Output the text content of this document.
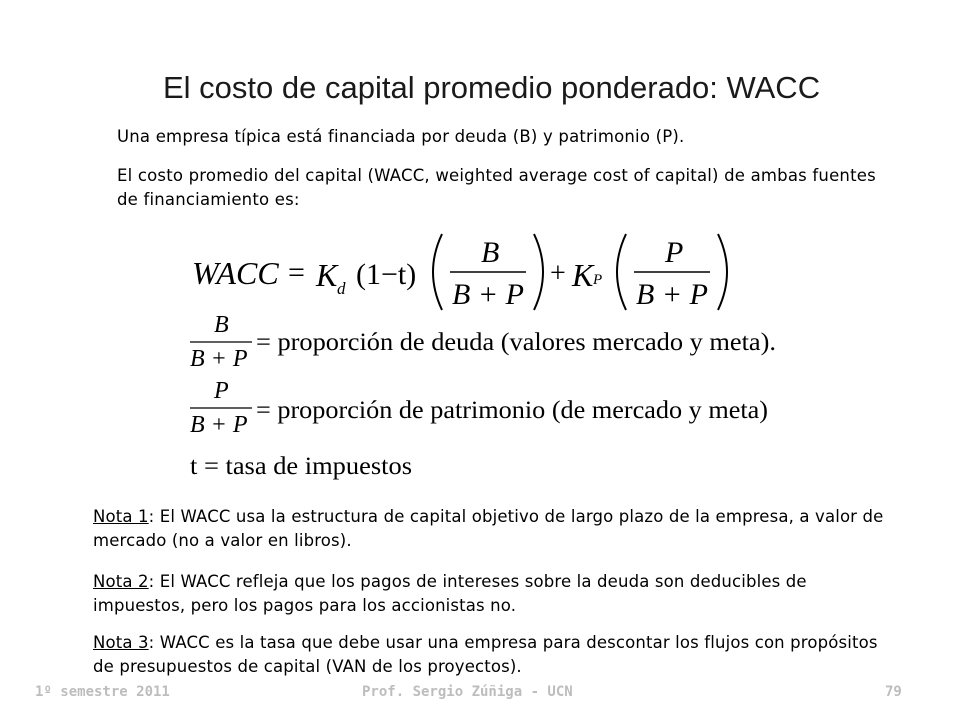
El costo de capital promedio ponderado: WACC
Una empresa típica está financiada por deuda (B) y patrimonio (P).
El costo promedio del capital (WACC, weighted average cost of capital) de ambas fuentes de financiamiento es:
WACC = K d (1−t)
B
B + P
+ K P
P
B + P
B
B + P
= proporción de deuda (valores mercado y meta).
P
B + P
= proporción de patrimonio (de mercado y meta)
t = tasa de impuestos
Nota 1: El WACC usa la estructura de capital objetivo de largo plazo de la empresa, a valor de mercado (no a valor en libros).
Nota 2: El WACC refleja que los pagos de intereses sobre la deuda son deducibles de impuestos, pero los pagos para los accionistas no.
Nota 3: WACC es la tasa que debe usar una empresa para descontar los flujos con propósitos de presupuestos de capital (VAN de los proyectos).
1º semestre 2011	Prof. Sergio Zúñiga - UCN	79
